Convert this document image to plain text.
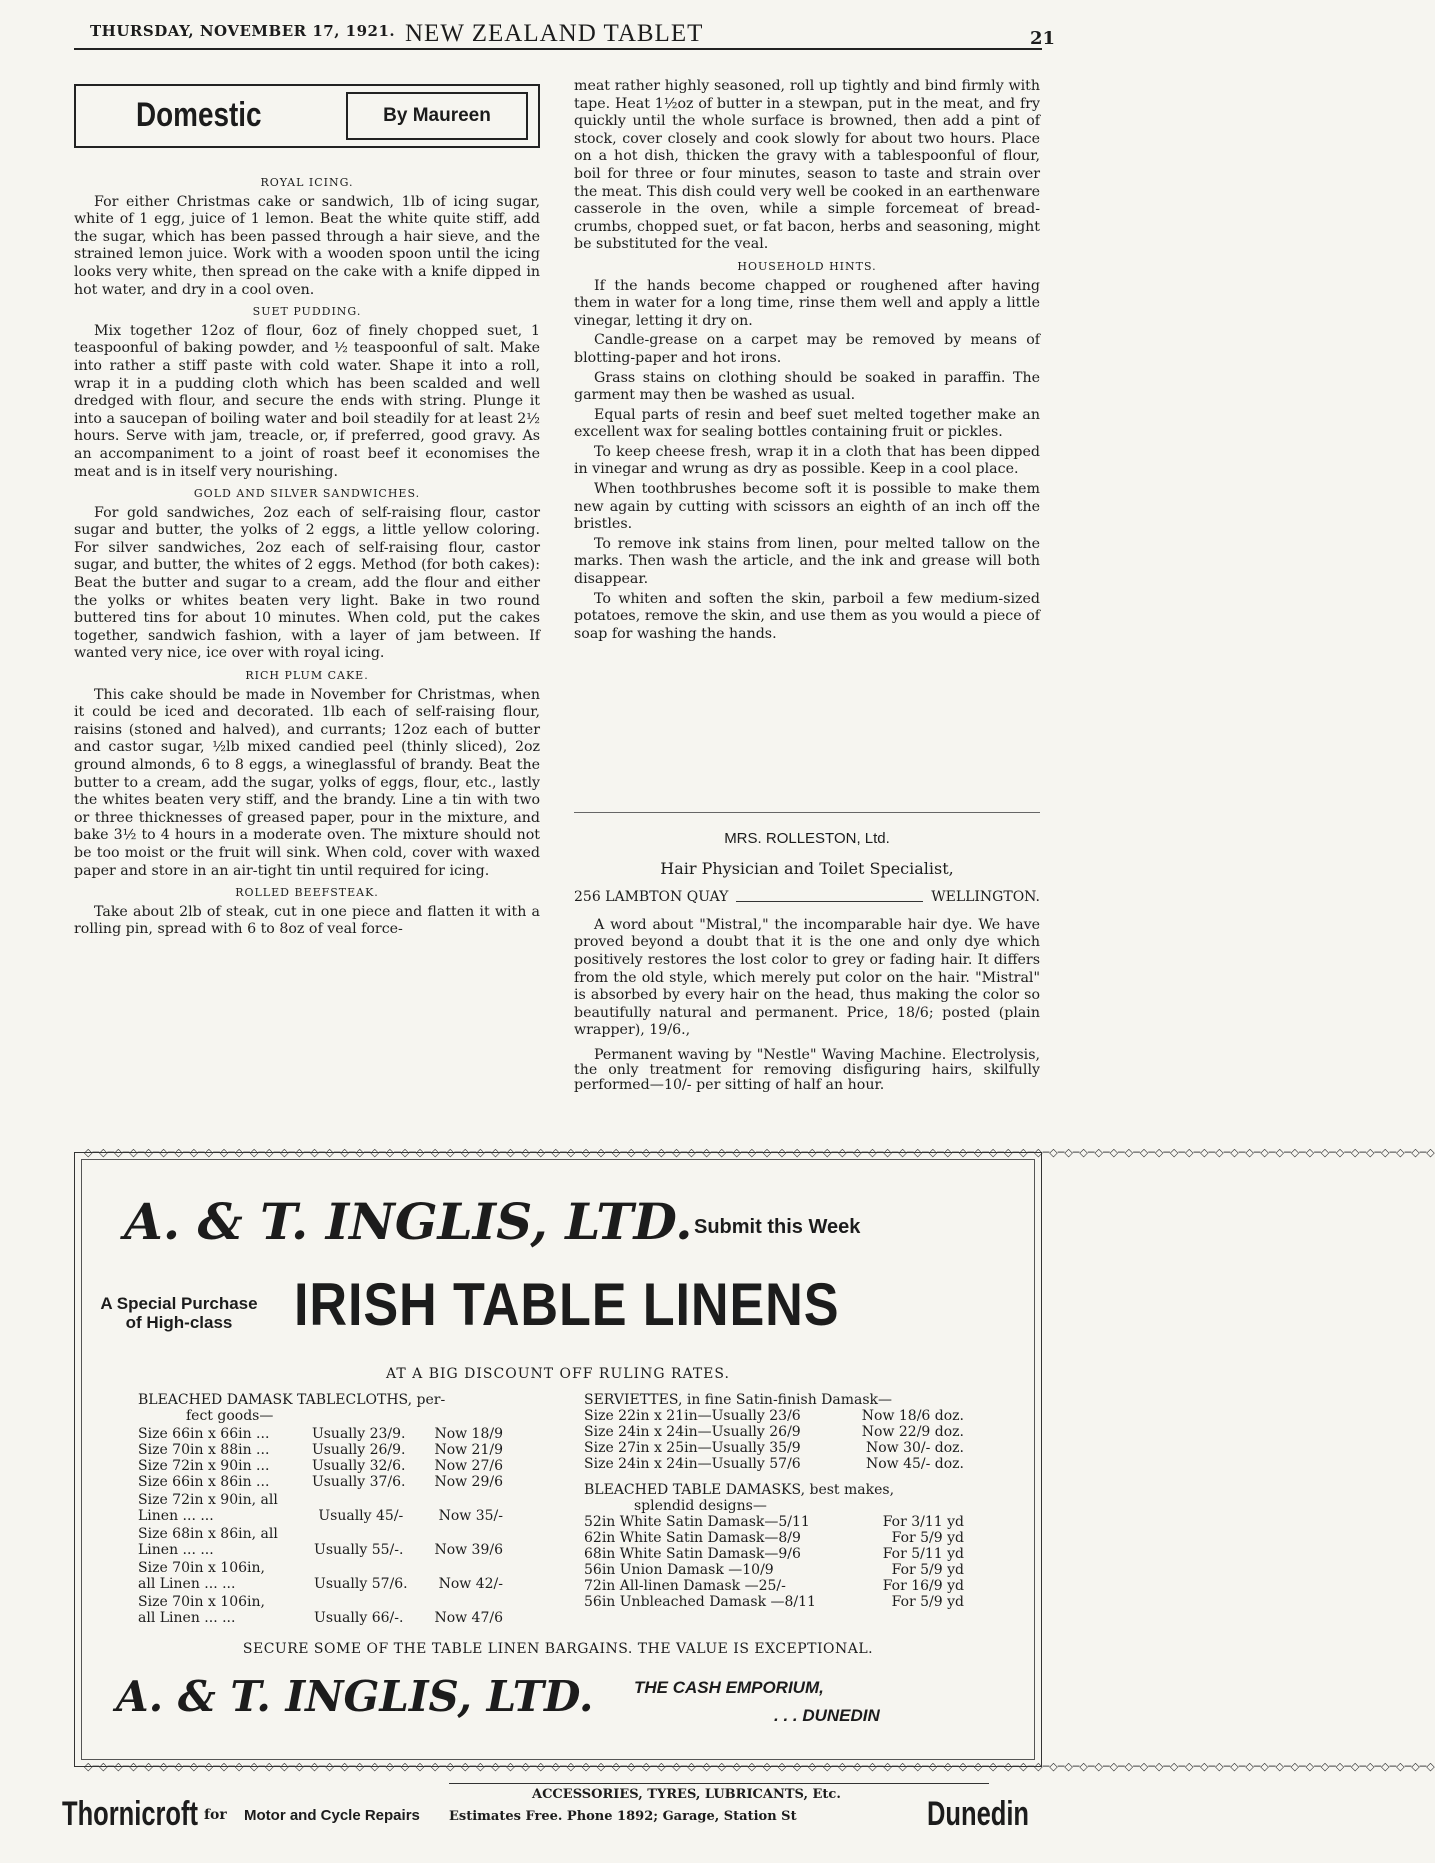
THURSDAY, NOVEMBER 17, 1921. NEW ZEALAND TABLET	21
Domestic	By Maureen
ROYAL ICING.

For either Christmas cake or sandwich, 1lb of icing sugar, white of 1 egg, juice of 1 lemon. Beat the white quite stiff, add the sugar, which has been passed through a hair sieve, and the strained lemon juice. Work with a wooden spoon until the icing looks very white, then spread on the cake with a knife dipped in hot water, and dry in a cool oven.

SUET PUDDING.

Mix together 12oz of flour, 6oz of finely chopped suet, 1 teaspoonful of baking powder, and ½ teaspoonful of salt. Make into rather a stiff paste with cold water. Shape it into a roll, wrap it in a pudding cloth which has been scalded and well dredged with flour, and secure the ends with string. Plunge it into a saucepan of boiling water and boil steadily for at least 2½ hours. Serve with jam, treacle, or, if preferred, good gravy. As an accompaniment to a joint of roast beef it economises the meat and is in itself very nourishing.

GOLD AND SILVER SANDWICHES.

For gold sandwiches, 2oz each of self-raising flour, castor sugar and butter, the yolks of 2 eggs, a little yellow coloring. For silver sandwiches, 2oz each of self-raising flour, castor sugar, and butter, the whites of 2 eggs. Method (for both cakes): Beat the butter and sugar to a cream, add the flour and either the yolks or whites beaten very light. Bake in two round buttered tins for about 10 minutes. When cold, put the cakes together, sandwich fashion, with a layer of jam between. If wanted very nice, ice over with royal icing.

RICH PLUM CAKE.

This cake should be made in November for Christmas, when it could be iced and decorated. 1lb each of self-raising flour, raisins (stoned and halved), and currants; 12oz each of butter and castor sugar, ½lb mixed candied peel (thinly sliced), 2oz ground almonds, 6 to 8 eggs, a wineglassful of brandy. Beat the butter to a cream, add the sugar, yolks of eggs, flour, etc., lastly the whites beaten very stiff, and the brandy. Line a tin with two or three thicknesses of greased paper, pour in the mixture, and bake 3½ to 4 hours in a moderate oven. The mixture should not be too moist or the fruit will sink. When cold, cover with waxed paper and store in an air-tight tin until required for icing.

ROLLED BEEFSTEAK.

Take about 2lb of steak, cut in one piece and flatten it with a rolling pin, spread with 6 to 8oz of veal force-

meat rather highly seasoned, roll up tightly and bind firmly with tape. Heat 1½oz of butter in a stewpan, put in the meat, and fry quickly until the whole surface is browned, then add a pint of stock, cover closely and cook slowly for about two hours. Place on a hot dish, thicken the gravy with a tablespoonful of flour, boil for three or four minutes, season to taste and strain over the meat. This dish could very well be cooked in an earthenware casserole in the oven, while a simple forcemeat of bread-crumbs, chopped suet, or fat bacon, herbs and seasoning, might be substituted for the veal.

HOUSEHOLD HINTS.

If the hands become chapped or roughened after having them in water for a long time, rinse them well and apply a little vinegar, letting it dry on.

Candle-grease on a carpet may be removed by means of blotting-paper and hot irons.

Grass stains on clothing should be soaked in paraffin. The garment may then be washed as usual.

Equal parts of resin and beef suet melted together make an excellent wax for sealing bottles containing fruit or pickles.

To keep cheese fresh, wrap it in a cloth that has been dipped in vinegar and wrung as dry as possible. Keep in a cool place.

When toothbrushes become soft it is possible to make them new again by cutting with scissors an eighth of an inch off the bristles.

To remove ink stains from linen, pour melted tallow on the marks. Then wash the article, and the ink and grease will both disappear.

To whiten and soften the skin, parboil a few medium-sized potatoes, remove the skin, and use them as you would a piece of soap for washing the hands.

MRS. ROLLESTON, Ltd.
Hair Physician and Toilet Specialist,
256 LAMBTON QUAY	WELLINGTON.

A word about "Mistral," the incomparable hair dye. We have proved beyond a doubt that it is the one and only dye which positively restores the lost color to grey or fading hair. It differs from the old style, which merely put color on the hair. "Mistral" is absorbed by every hair on the head, thus making the color so beautifully natural and permanent. Price, 18/6; posted (plain wrapper), 19/6.,

Permanent waving by "Nestle" Waving Machine. Electrolysis, the only treatment for removing disfiguring hairs, skilfully performed—10/- per sitting of half an hour.

◇─◇─◇─◇─◇─◇─◇─◇─◇─◇─◇─◇─◇─◇─◇─◇─◇─◇─◇─◇─◇─◇─◇─◇─◇─◇─◇─◇─◇─◇─◇─◇─◇─◇─◇─◇─◇─◇─◇─◇─◇─◇─◇─◇─◇─◇─◇─◇─◇─◇─◇─◇─◇─◇─◇─◇─◇─◇─◇─◇─◇─◇─◇─◇─◇─◇─◇─◇─◇─◇─◇─◇─◇─◇─◇─◇─◇─◇─◇─◇─◇─◇─◇─◇─◇─◇─◇─◇─◇─◇
◇─◇─◇─◇─◇─◇─◇─◇─◇─◇─◇─◇─◇─◇─◇─◇─◇─◇─◇─◇─◇─◇─◇─◇─◇─◇─◇─◇─◇─◇─◇─◇─◇─◇─◇─◇─◇─◇─◇─◇─◇─◇─◇─◇─◇─◇─◇─◇─◇─◇─◇─◇─◇─◇─◇─◇─◇─◇─◇─◇─◇─◇─◇─◇─◇─◇─◇─◇─◇─◇─◇─◇─◇─◇─◇─◇─◇─◇─◇─◇─◇─◇─◇─◇─◇─◇─◇─◇─◇─◇
A. & T. INGLIS, LTD. Submit this Week
A Special Purchase
of High-class	IRISH TABLE LINENS
AT A BIG DISCOUNT OFF RULING RATES.
BLEACHED DAMASK TABLECLOTHS, per-
fect goods—
Size 66in x 66in ...	Usually 23/9. Now 18/9
Size 70in x 88in ...	Usually 26/9. Now 21/9
Size 72in x 90in ...	Usually 32/6. Now 27/6
Size 66in x 86in ...	Usually 37/6. Now 29/6
Size 72in x 90in, all Linen ... ...	Usually 45/-	Now 35/-
Size 68in x 86in, all Linen ... ...	Usually 55/-. Now 39/6
Size 70in x 106in, all Linen ... ...	Usually 57/6. Now 42/-
Size 70in x 106in, all Linen ... ...	Usually 66/-. Now 47/6
SERVIETTES, in fine Satin-finish Damask—
Size 22in x 21in—Usually 23/6	Now 18/6 doz.
Size 24in x 24in—Usually 26/9	Now 22/9 doz.
Size 27in x 25in—Usually 35/9	Now 30/- doz.
Size 24in x 24in—Usually 57/6	Now 45/- doz.
BLEACHED TABLE DAMASKS, best makes,
splendid designs—
52in White Satin Damask—5/11	For 3/11 yd
62in White Satin Damask—8/9	For 5/9 yd
68in White Satin Damask—9/6	For 5/11 yd
56in Union Damask —10/9	For 5/9 yd
72in All-linen Damask —25/-	For 16/9 yd
56in Unbleached Damask —8/11	For 5/9 yd
SECURE SOME OF THE TABLE LINEN BARGAINS. THE VALUE IS EXCEPTIONAL.
A. & T. INGLIS, LTD. THE CASH EMPORIUM,
. . . DUNEDIN
Thornicroft for Motor and Cycle Repairs
ACCESSORIES, TYRES, LUBRICANTS, Etc.
Estimates Free. Phone 1892; Garage, Station St	Dunedin
